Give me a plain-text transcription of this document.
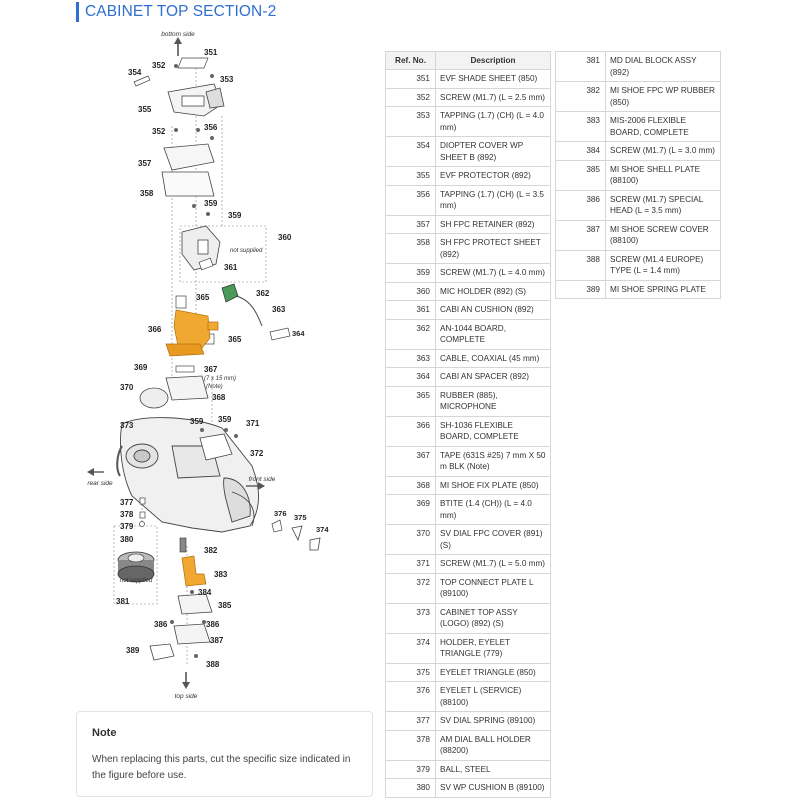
CABINET TOP SECTION-2
bottom side
rear side
front side
top side
not supplied
not supplied
(7 x 15 mm)
(Note)
351
352
353
354
355
352	356
357
358
359
359
360
361
362
363
364
365
365
366
367
368
369
370
373	359 359 371
372
377
378
379
380
381
382
383
384
385
386	386
387
388
389
375
376
374
Ref. No.	Description
351	EVF SHADE SHEET (850)
352	SCREW (M1.7) (L = 2.5 mm)
353	TAPPING (1.7) (CH) (L = 4.0 mm)
354	DIOPTER COVER WP SHEET B (892)
355	EVF PROTECTOR (892)
356	TAPPING (1.7) (CH) (L = 3.5 mm)
357	SH FPC RETAINER (892)
358	SH FPC PROTECT SHEET (892)
359	SCREW (M1.7) (L = 4.0 mm)
360	MIC HOLDER (892) (S)
361	CABI AN CUSHION (892)
362	AN-1044 BOARD, COMPLETE
363	CABLE, COAXIAL (45 mm)
364	CABI AN SPACER (892)
365	RUBBER (885), MICROPHONE
366	SH-1036 FLEXIBLE BOARD, COMPLETE
367	TAPE (631S #25) 7 mm X 50 m BLK (Note)
368	MI SHOE FIX PLATE (850)
369	BTITE (1.4 (CH)) (L = 4.0 mm)
370	SV DIAL FPC COVER (891) (S)
371	SCREW (M1.7) (L = 5.0 mm)
372	TOP CONNECT PLATE L (89100)
373	CABINET TOP ASSY (LOGO) (892) (S)
374	HOLDER, EYELET TRIANGLE (779)
375	EYELET TRIANGLE (850)
376	EYELET L (SERVICE) (88100)
377	SV DIAL SPRING (89100)
378	AM DIAL BALL HOLDER (88200)
379	BALL, STEEL
380	SV WP CUSHION B (89100)
381	MD DIAL BLOCK ASSY (892)
382	MI SHOE FPC WP RUBBER (850)
383	MIS-2006 FLEXIBLE BOARD, COMPLETE
384	SCREW (M1.7) (L = 3.0 mm)
385	MI SHOE SHELL PLATE (88100)
386	SCREW (M1.7) SPECIAL HEAD (L = 3.5 mm)
387	MI SHOE SCREW COVER (88100)
388	SCREW (M1.4 EUROPE) TYPE (L = 1.4 mm)
389	MI SHOE SPRING PLATE
Note
When replacing this parts, cut the specific size indicated in the figure before use.
